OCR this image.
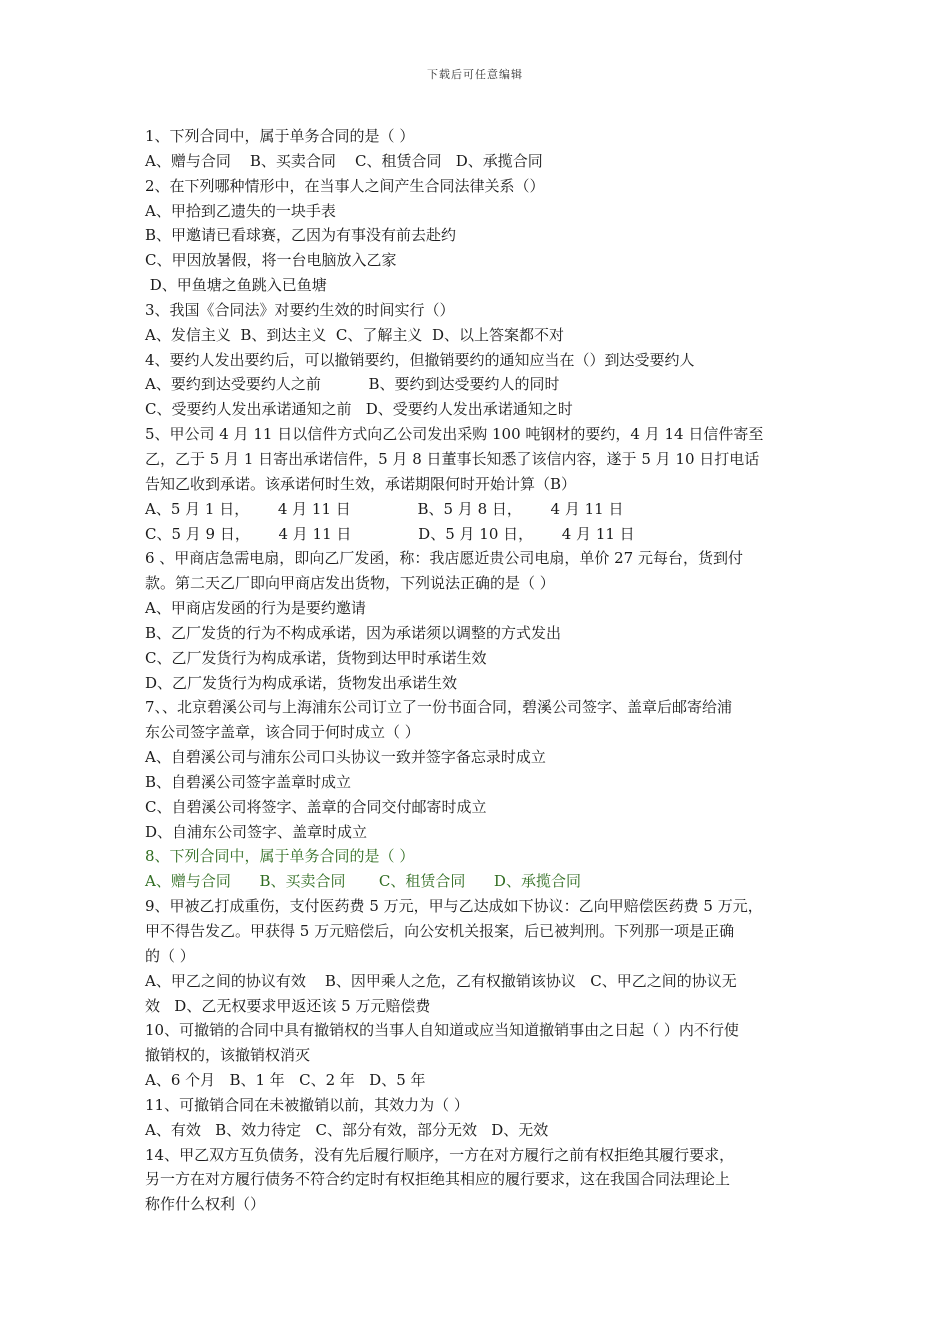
下载后可任意编辑
1、下列合同中，属于单务合同的是（ ）
A、赠与合同    B、买卖合同    C、租赁合同   D、承揽合同
2、在下列哪种情形中，在当事人之间产生合同法律关系（）
A、甲拾到乙遗失的一块手表
B、甲邀请已看球赛，乙因为有事没有前去赴约
C、甲因放暑假，将一台电脑放入乙家
D、甲鱼塘之鱼跳入已鱼塘
3、我国《合同法》对要约生效的时间实行（）
A、发信主义  B、到达主义  C、了解主义  D、以上答案都不对
4、要约人发出要约后，可以撤销要约，但撤销要约的通知应当在（）到达受要约人
A、要约到达受要约人之前          B、要约到达受要约人的同时
C、受要约人发出承诺通知之前   D、受要约人发出承诺通知之时
5、甲公司 4 月 11 日以信件方式向乙公司发出采购 100 吨钢材的要约，4 月 14 日信件寄至
乙，乙于 5 月 1 日寄出承诺信件，5 月 8 日董事长知悉了该信内容，遂于 5 月 10 日打电话
告知乙收到承诺。该承诺何时生效，承诺期限何时开始计算（B）
A、5 月 1 日，      4 月 11 日              B、5 月 8 日，      4 月 11 日
C、5 月 9 日，      4 月 11 日              D、5 月 10 日，      4 月 11 日
6 、甲商店急需电扇，即向乙厂发函，称：我店愿近贵公司电扇，单价 27 元每台，货到付
款。第二天乙厂即向甲商店发出货物，下列说法正确的是（ ）
A、甲商店发函的行为是要约邀请
B、乙厂发货的行为不构成承诺，因为承诺须以调整的方式发出
C、乙厂发货行为构成承诺，货物到达甲时承诺生效
D、乙厂发货行为构成承诺，货物发出承诺生效
7、、北京碧溪公司与上海浦东公司订立了一份书面合同，碧溪公司签字、盖章后邮寄给浦
东公司签字盖章，该合同于何时成立（ ）
A、自碧溪公司与浦东公司口头协议一致并签字备忘录时成立
B、自碧溪公司签字盖章时成立
C、自碧溪公司将签字、盖章的合同交付邮寄时成立
D、自浦东公司签字、盖章时成立
8、下列合同中，属于单务合同的是（ ）
A、赠与合同      B、买卖合同       C、租赁合同      D、承揽合同
9、甲被乙打成重伤，支付医药费 5 万元，甲与乙达成如下协议：乙向甲赔偿医药费 5 万元，
甲不得告发乙。甲获得 5 万元赔偿后，向公安机关报案，后已被判刑。下列那一项是正确
的（ ）
A、甲乙之间的协议有效    B、因甲乘人之危，乙有权撤销该协议   C、甲乙之间的协议无
效   D、乙无权要求甲返还该 5 万元赔偿费
10、可撤销的合同中具有撤销权的当事人自知道或应当知道撤销事由之日起（ ）内不行使
撤销权的，该撤销权消灭
A、6 个月   B、1 年   C、2 年   D、5 年
11、可撤销合同在未被撤销以前，其效力为（ ）
A、有效   B、效力待定   C、部分有效，部分无效   D、无效
14、甲乙双方互负债务，没有先后履行顺序，一方在对方履行之前有权拒绝其履行要求，
另一方在对方履行债务不符合约定时有权拒绝其相应的履行要求，这在我国合同法理论上
称作什么权利（）
